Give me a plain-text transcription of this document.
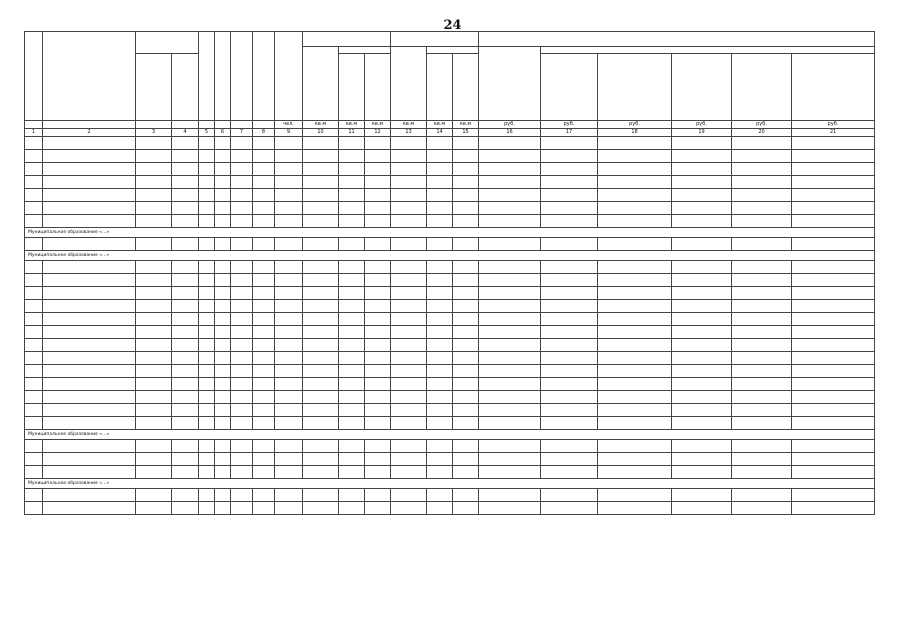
24

								чел.	кв.м	кв.м	кв.м	кв.м	кв.м	кв.м	руб.	руб.	руб.	руб.	руб.	руб.
1	2	3	4	5	6	7	8	9	10	11	12	13	14	15	16	17	18	19	20	21

Муниципальное образование «…»																				

Муниципальное образование «…»																				

Муниципальное образование «…»																				

Муниципальное образование «…»																				
